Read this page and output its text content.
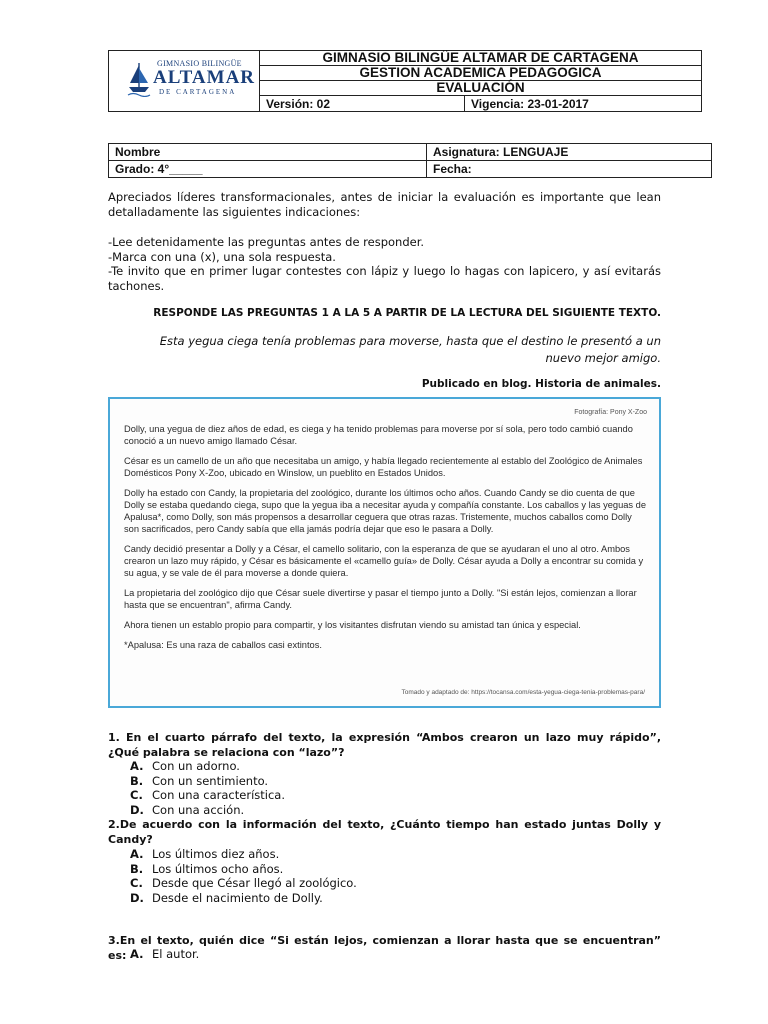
GIMNASIO BILINGÜE
ALTAMAR
DE CARTAGENA
GIMNASIO BILINGÜE ALTAMAR DE CARTAGENA
GESTION ACADEMICA PEDAGOGICA
EVALUACIÓN
Versión: 02	Vigencia: 23-01-2017
Nombre	Asignatura: LENGUAJE
Grado: 4°_____	Fecha:
Apreciados líderes transformacionales, antes de iniciar la evaluación es importante que lean detalladamente las siguientes indicaciones:
-Lee detenidamente las preguntas antes de responder.
-Marca con una (x), una sola respuesta.
-Te invito que en primer lugar contestes con lápiz y luego lo hagas con lapicero, y así evitarás tachones.
RESPONDE LAS PREGUNTAS 1 A LA 5 A PARTIR DE LA LECTURA DEL SIGUIENTE TEXTO.
Esta yegua ciega tenía problemas para moverse, hasta que el destino le presentó a un
nuevo mejor amigo.
Publicado en blog. Historia de animales.
Fotografía: Pony X-Zoo

Dolly, una yegua de diez años de edad, es ciega y ha tenido problemas para moverse por sí sola, pero todo cambió cuando conoció a un nuevo amigo llamado César.

César es un camello de un año que necesitaba un amigo, y había llegado recientemente al establo del Zoológico de Animales Domésticos Pony X-Zoo, ubicado en Winslow, un pueblito en Estados Unidos.

Dolly ha estado con Candy, la propietaria del zoológico, durante los últimos ocho años. Cuando Candy se dio cuenta de que Dolly se estaba quedando ciega, supo que la yegua iba a necesitar ayuda y compañía constante. Los caballos y las yeguas de Apalusa*, como Dolly, son más propensos a desarrollar ceguera que otras razas. Tristemente, muchos caballos como Dolly son sacrificados, pero Candy sabía que ella jamás podría dejar que eso le pasara a Dolly.

Candy decidió presentar a Dolly y a César, el camello solitario, con la esperanza de que se ayudaran el uno al otro. Ambos crearon un lazo muy rápido, y César es básicamente el «camello guía» de Dolly. César ayuda a Dolly a encontrar su comida y su agua, y se vale de él para moverse a donde quiera.

La propietaria del zoológico dijo que César suele divertirse y pasar el tiempo junto a Dolly. "Si están lejos, comienzan a llorar hasta que se encuentran", afirma Candy.

Ahora tienen un establo propio para compartir, y los visitantes disfrutan viendo su amistad tan única y especial.

*Apalusa: Es una raza de caballos casi extintos.

Tomado y adaptado de: https://tocansa.com/esta-yegua-ciega-tenia-problemas-para/
1. En el cuarto párrafo del texto, la expresión “Ambos crearon un lazo muy rápido”, ¿Qué palabra se relaciona con “lazo”?
A. Con un adorno.
B. Con un sentimiento.
C. Con una característica.
D. Con una acción.
2.De acuerdo con la información del texto, ¿Cuánto tiempo han estado juntas Dolly y Candy?
A. Los últimos diez años.
B. Los últimos ocho años.
C. Desde que César llegó al zoológico.
D. Desde el nacimiento de Dolly.
3.En el texto, quién dice “Si están lejos, comienzan a llorar hasta que se encuentran” es: A. El autor.
